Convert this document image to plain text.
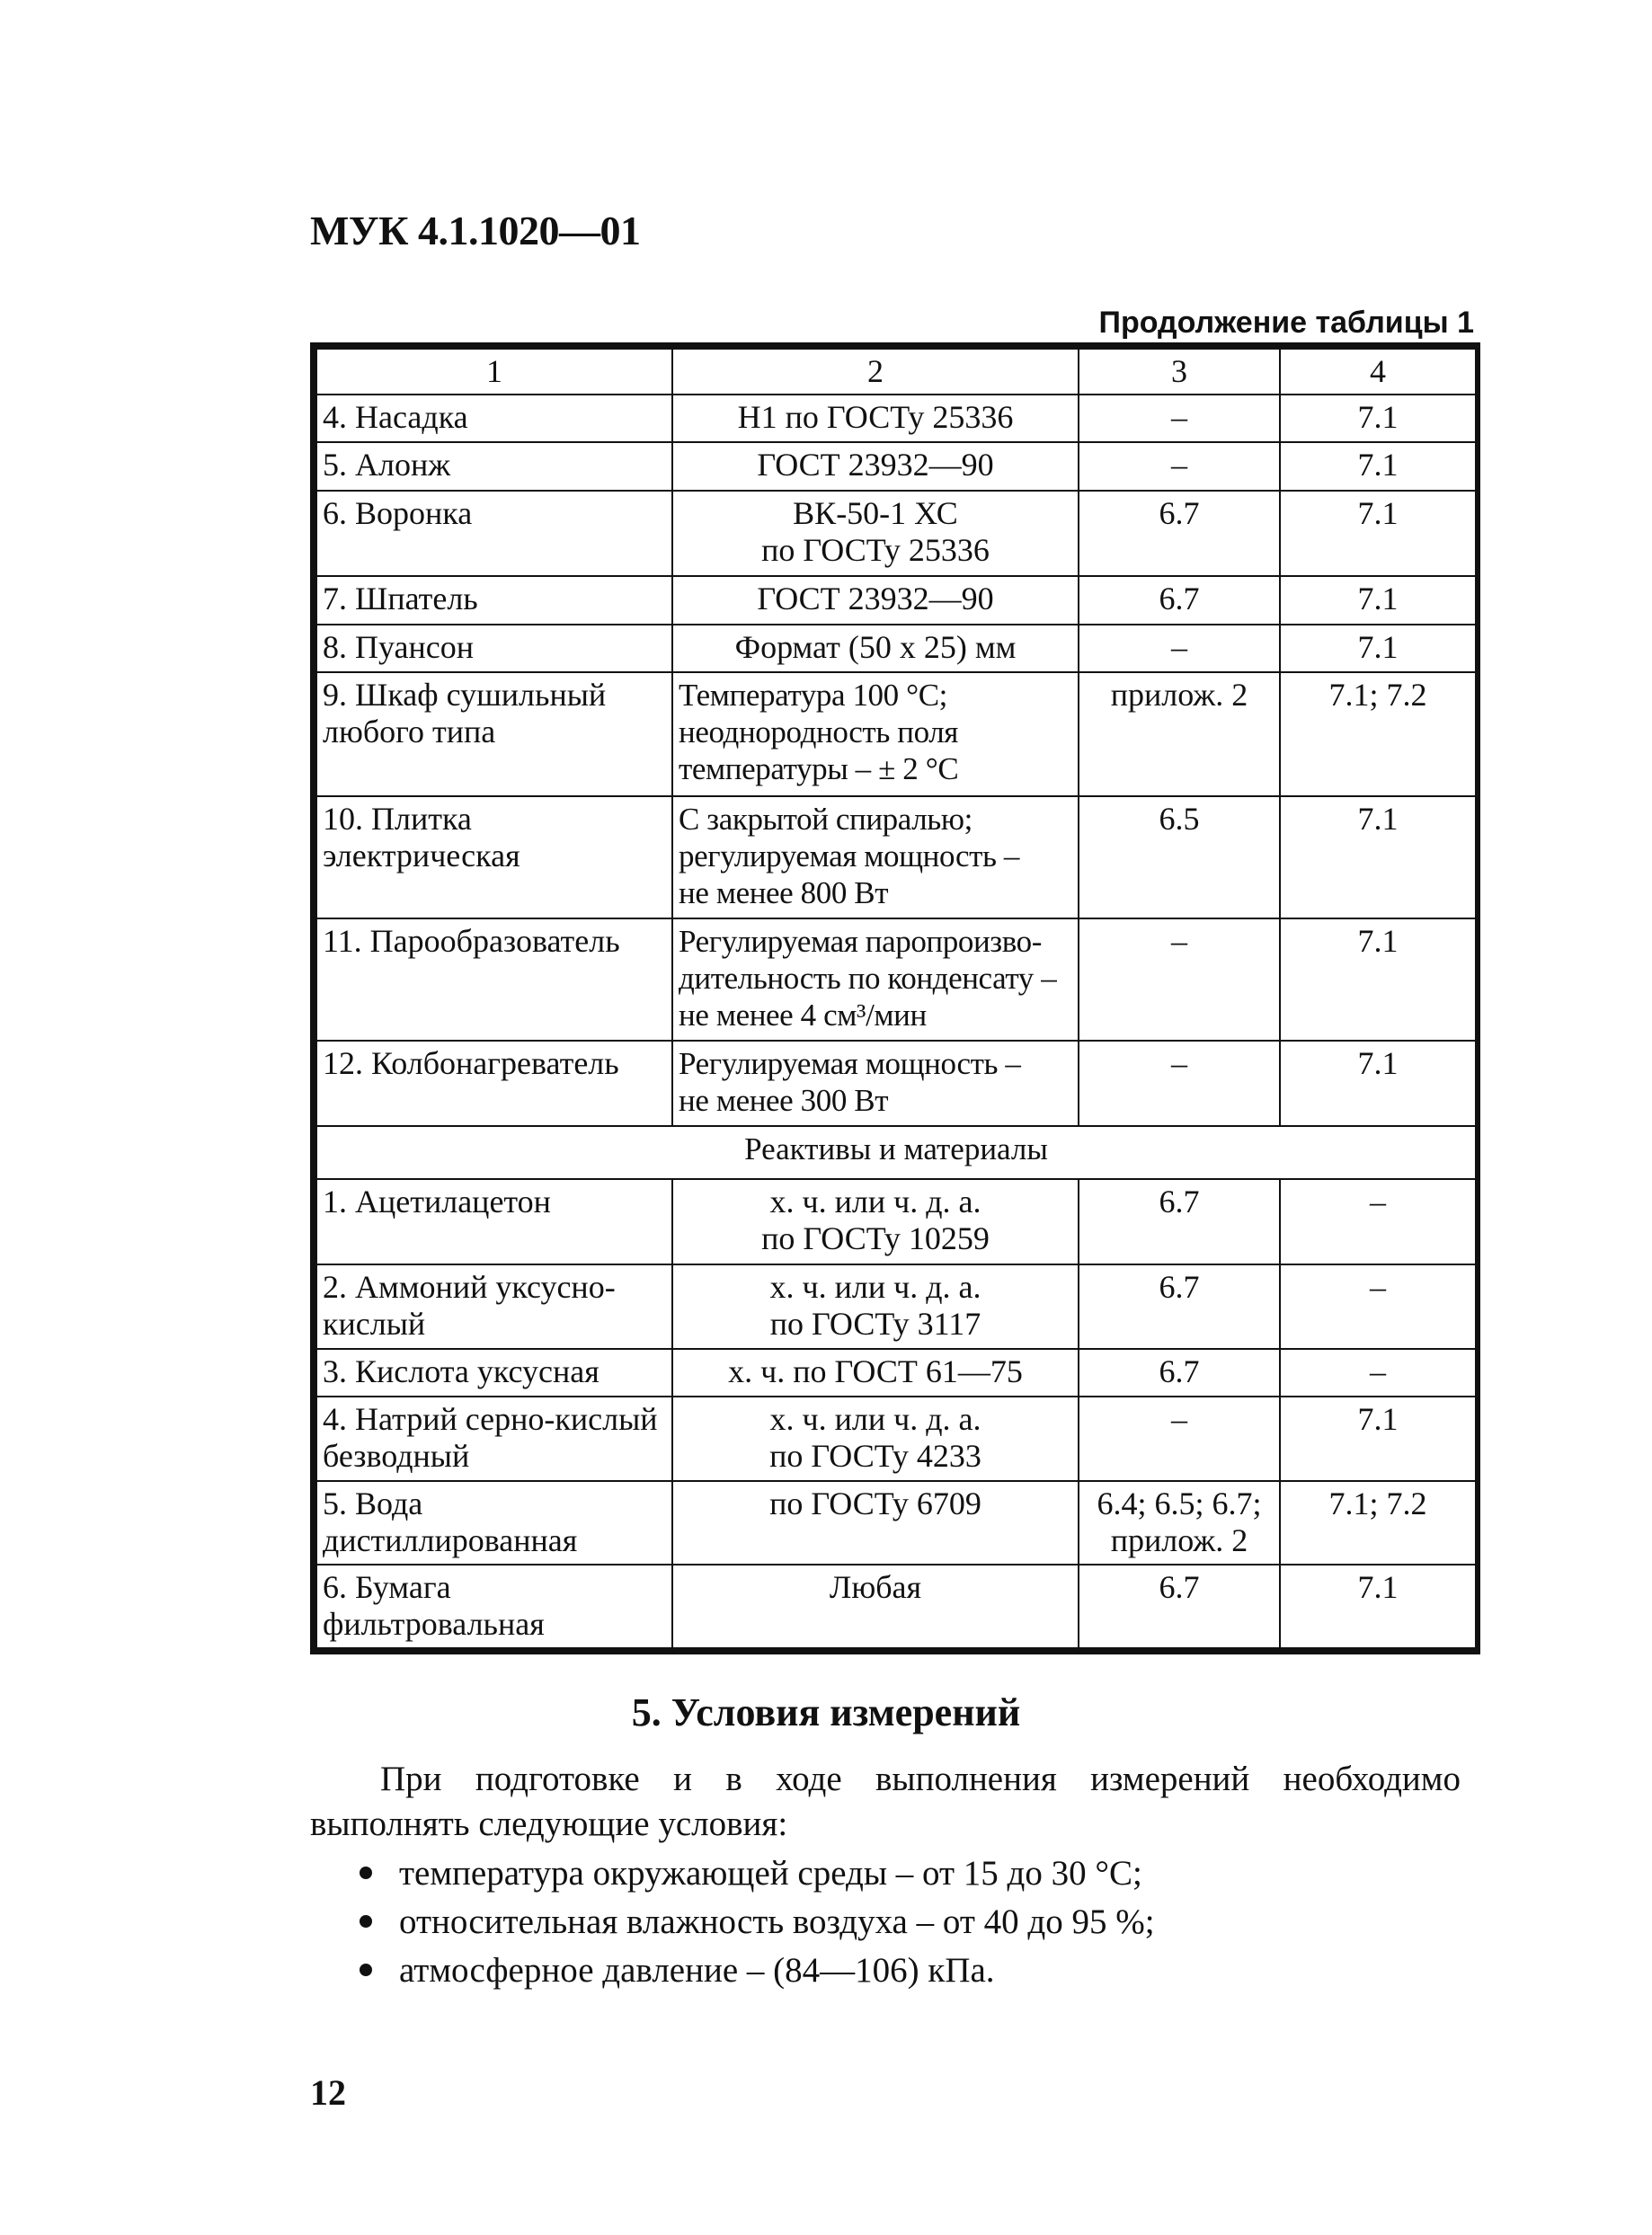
МУК 4.1.1020—01
Продолжение таблицы 1
1	2	3	4
4. Насадка	Н1 по ГОСТу 25336	–	7.1
5. Алонж	ГОСТ 23932—90	–	7.1
6. Воронка	ВК-50-1 ХС
по ГОСТу 25336	6.7	7.1
7. Шпатель	ГОСТ 23932—90	6.7	7.1
8. Пуансон	Формат (50 х 25) мм	–	7.1
9. Шкаф сушильный любого типа	Температура 100 °С;
неоднородность поля
температуры – ± 2 °С	прилож. 2	7.1; 7.2
10. Плитка электрическая	С закрытой спиралью;
регулируемая мощность –
не менее 800 Вт	6.5	7.1
11. Парообразователь	Регулируемая паропроизво-
дительность по конденсату –
не менее 4 см³/мин	–	7.1
12. Колбонагреватель	Регулируемая мощность –
не менее 300 Вт	–	7.1
Реактивы и материалы			
1. Ацетилацетон	х. ч. или ч. д. а.
по ГОСТу 10259	6.7	–
2. Аммоний уксусно-кислый	х. ч. или ч. д. а.
по ГОСТу 3117	6.7	–
3. Кислота уксусная	х. ч. по ГОСТ 61—75	6.7	–
4. Натрий серно-кислый безводный	х. ч. или ч. д. а.
по ГОСТу 4233	–	7.1
5. Вода дистиллированная	по ГОСТу 6709	6.4; 6.5; 6.7;
прилож. 2	7.1; 7.2
6. Бумага фильтровальная	Любая	6.7	7.1
5. Условия измерений
При подготовке и в ходе выполнения измерений необходимо
выполнять следующие условия:
температура окружающей среды – от 15 до 30 °С;
относительная влажность воздуха – от 40 до 95 %;
атмосферное давление – (84—106) кПа.
12
